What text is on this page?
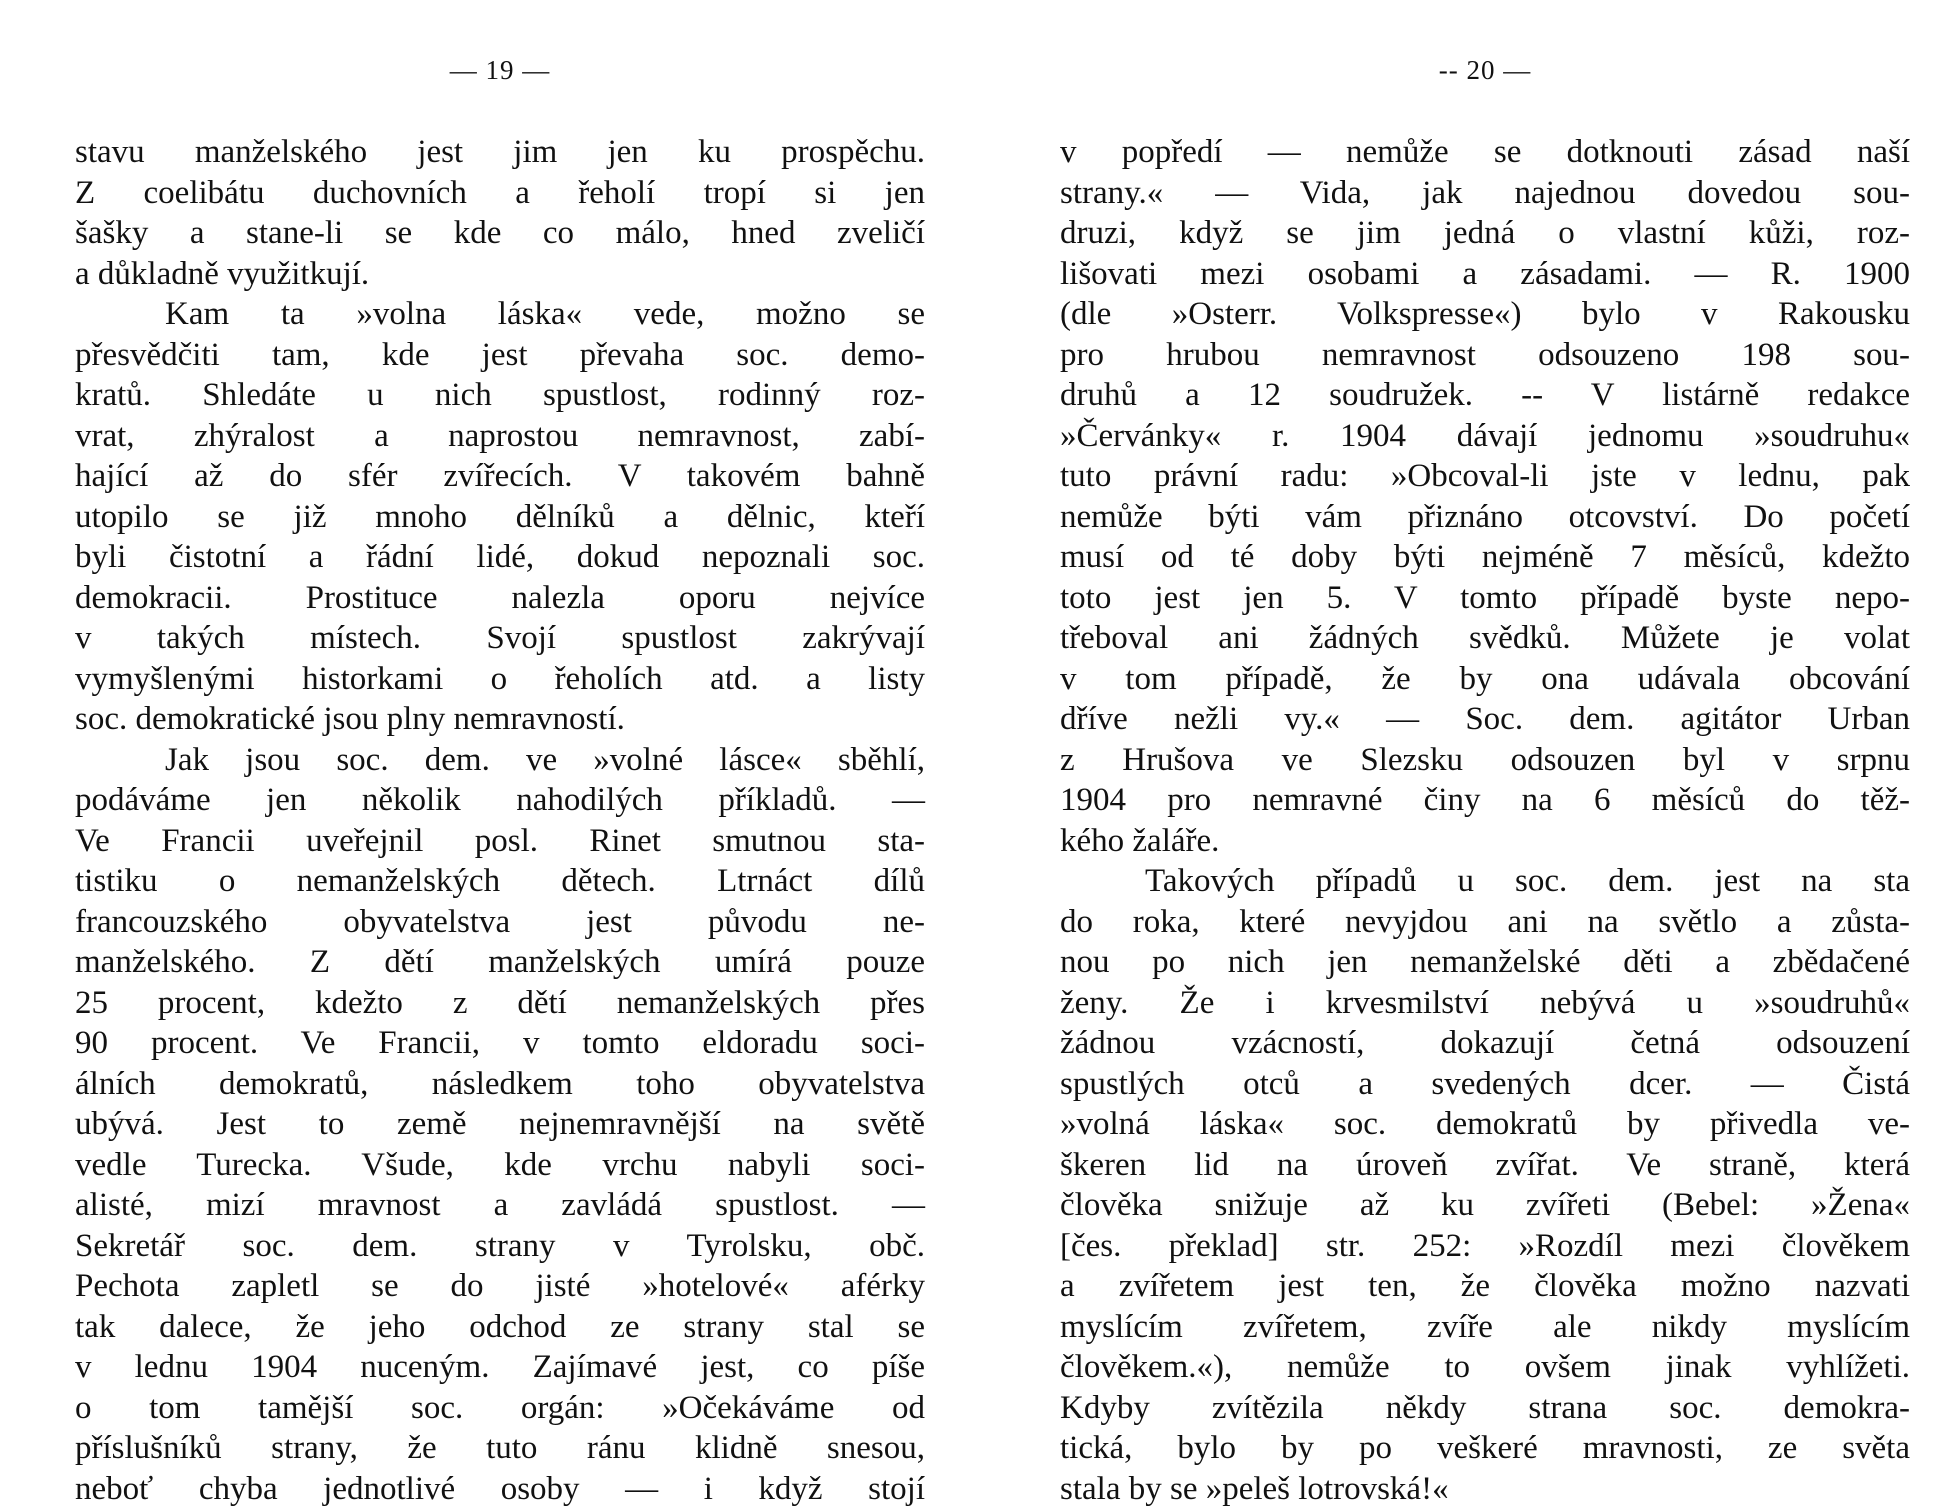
— 19 —
stavu manželského jest jim jen ku prospěchu.
Z coelibátu duchovních a řeholí tropí si jen
šašky a stane-li se kde co málo, hned zveličí
a důkladně využitkují.
Kam ta »volna láska« vede, možno se
přesvědčiti tam, kde jest převaha soc. demo-
kratů. Shledáte u nich spustlost, rodinný roz-
vrat, zhýralost a naprostou nemravnost, zabí-
hající až do sfér zvířecích. V takovém bahně
utopilo se již mnoho dělníků a dělnic, kteří
byli čistotní a řádní lidé, dokud nepoznali soc.
demokracii. Prostituce nalezla oporu nejvíce
v takých místech. Svojí spustlost zakrývají
vymyšlenými historkami o řeholích atd. a listy
soc. demokratické jsou plny nemravností.
Jak jsou soc. dem. ve »volné lásce« sběhlí,
podáváme jen několik nahodilých příkladů. —
Ve Francii uveřejnil posl. Rinet smutnou sta-
tistiku o nemanželských dětech. Ltrnáct dílů
francouzského obyvatelstva jest původu ne-
manželského. Z dětí manželských umírá pouze
25 procent, kdežto z dětí nemanželských přes
90 procent. Ve Francii, v tomto eldoradu soci-
álních demokratů, následkem toho obyvatelstva
ubývá. Jest to země nejnemravnější na světě
vedle Turecka. Všude, kde vrchu nabyli soci-
alisté, mizí mravnost a zavládá spustlost. —
Sekretář soc. dem. strany v Tyrolsku, obč.
Pechota zapletl se do jisté »hotelové« aférky
tak dalece, že jeho odchod ze strany stal se
v lednu 1904 nuceným. Zajímavé jest, co píše
o tom tamější soc. orgán: »Očekáváme od
příslušníků strany, že tuto ránu klidně snesou,
neboť chyba jednotlivé osoby — i když stojí
-- 20 —
v popředí — nemůže se dotknouti zásad naší
strany.« — Vida, jak najednou dovedou sou-
druzi, když se jim jedná o vlastní kůži, roz-
lišovati mezi osobami a zásadami. — R. 1900
(dle »Osterr. Volkspresse«) bylo v Rakousku
pro hrubou nemravnost odsouzeno 198 sou-
druhů a 12 soudružek. -- V listárně redakce
»Červánky« r. 1904 dávají jednomu »soudruhu«
tuto právní radu: »Obcoval-li jste v lednu, pak
nemůže býti vám přiznáno otcovství. Do početí
musí od té doby býti nejméně 7 měsíců, kdežto
toto jest jen 5. V tomto případě byste nepo-
třeboval ani žádných svědků. Můžete je volat
v tom případě, že by ona udávala obcování
dříve nežli vy.« — Soc. dem. agitátor Urban
z Hrušova ve Slezsku odsouzen byl v srpnu
1904 pro nemravné činy na 6 měsíců do těž-
kého žaláře.
Takových případů u soc. dem. jest na sta
do roka, které nevyjdou ani na světlo a zůsta-
nou po nich jen nemanželské děti a zbědačené
ženy. Že i krvesmilství nebývá u »soudruhů«
žádnou vzácností, dokazují četná odsouzení
spustlých otců a svedených dcer. — Čistá
»volná láska« soc. demokratů by přivedla ve-
škeren lid na úroveň zvířat. Ve straně, která
člověka snižuje až ku zvířeti (Bebel: »Žena«
[čes. překlad] str. 252: »Rozdíl mezi člověkem
a zvířetem jest ten, že člověka možno nazvati
myslícím zvířetem, zvíře ale nikdy myslícím
člověkem.«), nemůže to ovšem jinak vyhlížeti.
Kdyby zvítězila někdy strana soc. demokra-
tická, bylo by po veškeré mravnosti, ze světa
stala by se »peleš lotrovská!«
